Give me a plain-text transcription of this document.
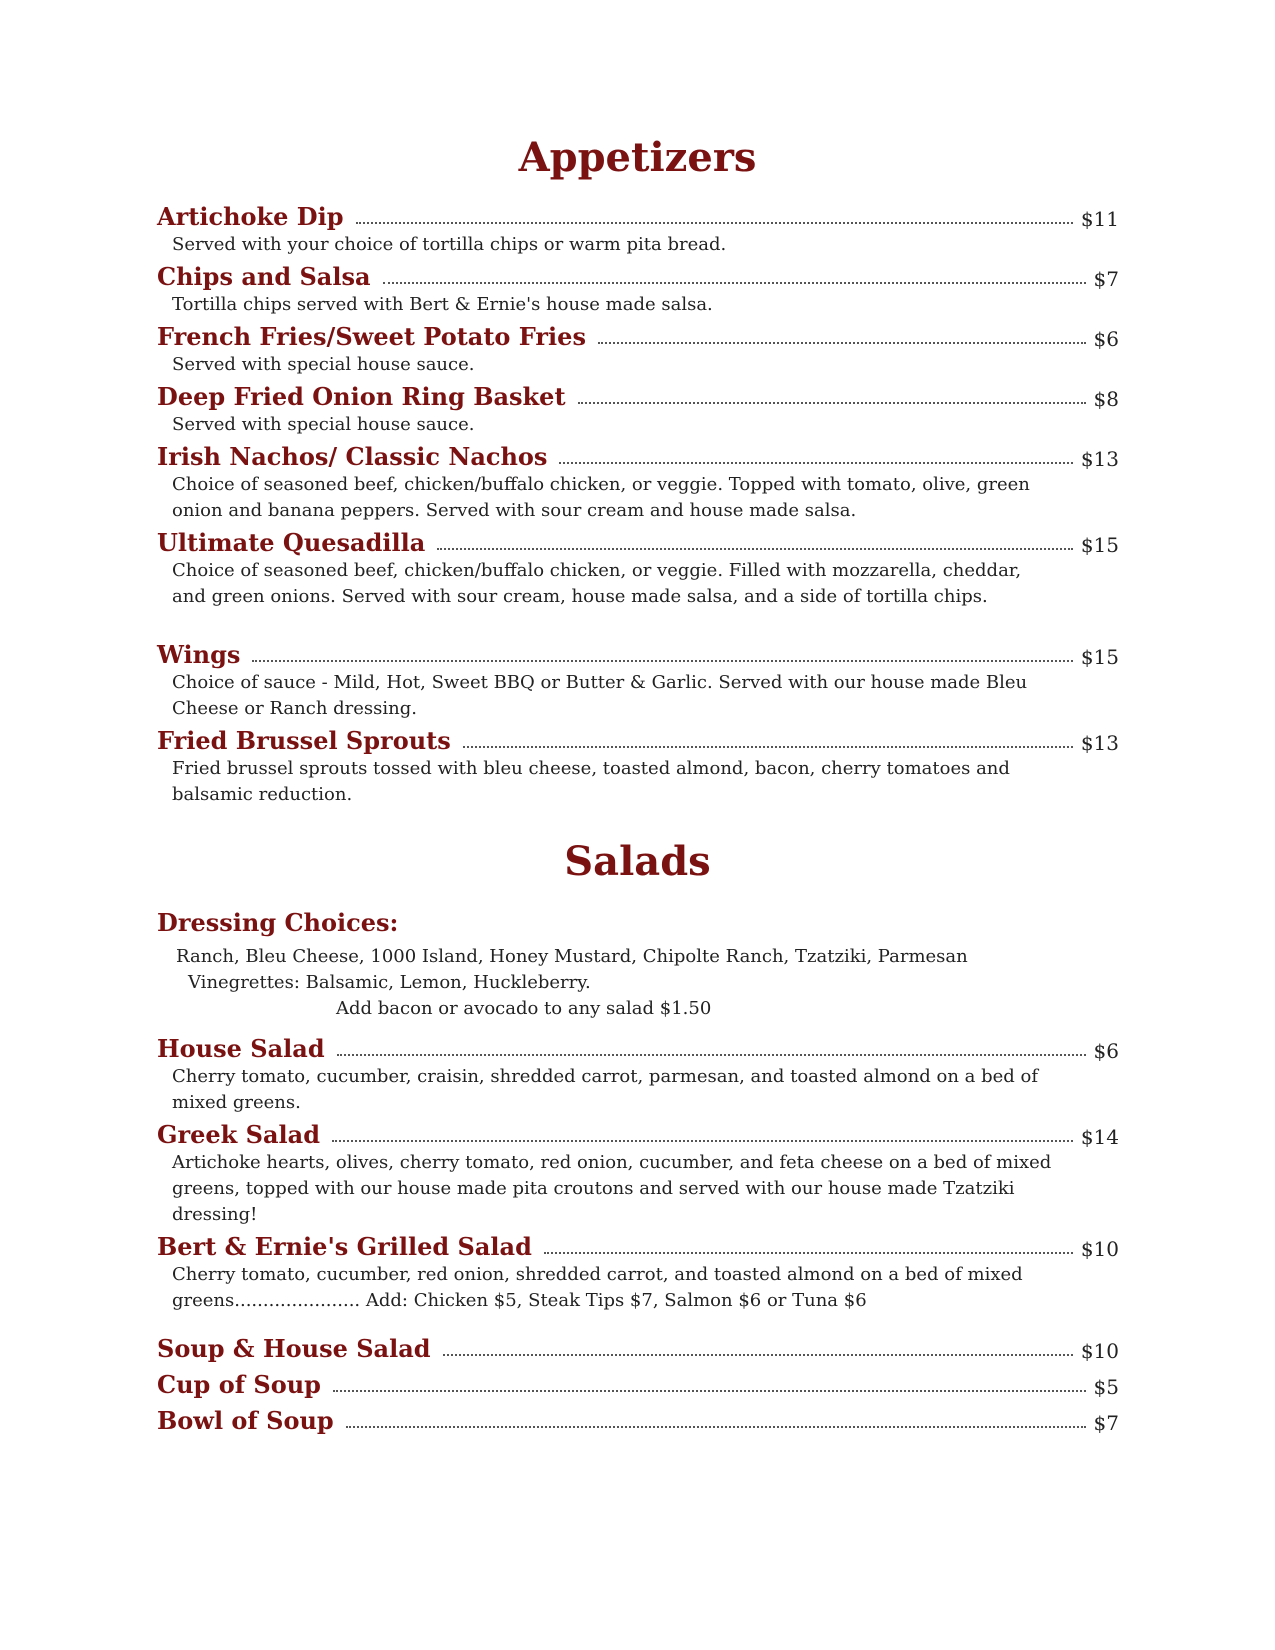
Appetizers
Artichoke Dip	$11

Served with your choice of tortilla chips or warm pita bread.

Chips and Salsa	$7

Tortilla chips served with Bert & Ernie's house made salsa.

French Fries/Sweet Potato Fries	$6

Served with special house sauce.

Deep Fried Onion Ring Basket	$8

Served with special house sauce.

Irish Nachos/ Classic Nachos	$13

Choice of seasoned beef, chicken/buffalo chicken, or veggie. Topped with tomato, olive, green onion and banana peppers. Served with sour cream and house made salsa.

Ultimate Quesadilla	$15

Choice of seasoned beef, chicken/buffalo chicken, or veggie. Filled with mozzarella, cheddar, and green onions. Served with sour cream, house made salsa, and a side of tortilla chips.

Wings	$15

Choice of sauce - Mild, Hot, Sweet BBQ or Butter & Garlic. Served with our house made Bleu Cheese or Ranch dressing.

Fried Brussel Sprouts	$13

Fried brussel sprouts tossed with bleu cheese, toasted almond, bacon, cherry tomatoes and balsamic reduction.

Salads
Dressing Choices:

Ranch, Bleu Cheese, 1000 Island, Honey Mustard, Chipolte Ranch, Tzatziki, Parmesan

Vinegrettes: Balsamic, Lemon, Huckleberry.

Add bacon or avocado to any salad $1.50

House Salad	$6

Cherry tomato, cucumber, craisin, shredded carrot, parmesan, and toasted almond on a bed of mixed greens.

Greek Salad	$14

Artichoke hearts, olives, cherry tomato, red onion, cucumber, and feta cheese on a bed of mixed greens, topped with our house made pita croutons and served with our house made Tzatziki dressing!

Bert & Ernie's Grilled Salad	$10

Cherry tomato, cucumber, red onion, shredded carrot, and toasted almond on a bed of mixed greens...................... Add: Chicken $5, Steak Tips $7, Salmon $6 or Tuna $6

Soup & House Salad	$10
Cup of Soup	$5
Bowl of Soup	$7
